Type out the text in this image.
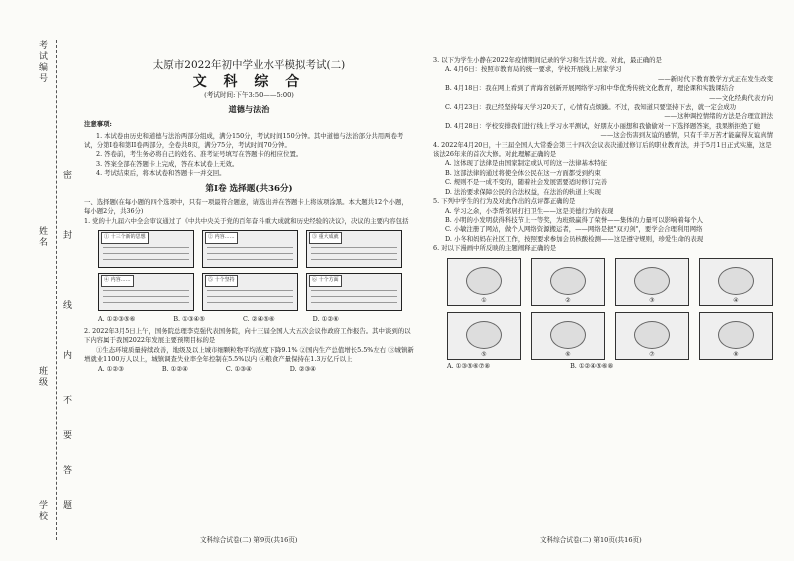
考试编号
姓名
班级
学校
密
封
线
内
不
要
答
题

太原市2022年初中学业水平模拟考试(二)

文 科 综 合

(考试时间:下午3:50——5:00)

道德与法治

注意事项:

1. 本试卷由历史和道德与法治两部分组成，满分150分，考试时间150分钟。其中道德与法治部分共用两卷考试，分第I卷和第II卷两部分，全卷共8页，满分75分，考试时间70分钟。

2. 答卷前，考生务必将自己的姓名、准考证号填写在答题卡的相应位置。

3. 答案全部在答题卡上完成，答在本试卷上无效。

4. 考试结束后，将本试卷和答题卡一并交回。

第Ⅰ卷 选择题(共36分)

一、选择题(在每小题的四个选项中，只有一项最符合题意，请选出并在答题卡上将该项涂黑。本大题共12个小题，每小题2分，共36分)

1. 党的十九届六中全会审议通过了《中共中央关于党的百年奋斗重大成就和历史经验的决议》，决议的主要内容包括

① 十三个新的思想	② 内容……	③ 重大成就
④ 内容……	⑤ 十个坚持	⑥ 十个方面
A. ①②③⑤⑥	B. ①③④⑤	C. ②④⑤⑥	D. ①②⑥

2. 2022年3月5日上午，国务院总理李克强代表国务院，向十三届全国人大五次会议作政府工作报告。其中谈到的以下内容属于我国2022年发展主要预期目标的是

①生态环境质量持续改善，地级及以上城市细颗粒物平均浓度下降9.1% ②国内生产总值增长5.5%左右 ③城镇新增就业1100万人以上，城镇调查失业率全年控制在5.5%以内 ④粮食产量保持在1.3万亿斤以上

A. ①②③	B. ①②④	C. ①③④	D. ②③④
文科综合试卷(二) 第9页(共16页)

3. 以下为学生小静在2022年疫情期间记录的学习和生活片段。对此，最正确的是

A. 4月6日：按照市教育局的统一要求，学校开展线上居家学习

——新时代下教育教学方式正在发生改变

B. 4月18日：我在网上看到了青海省创新开展网络学习和中华优秀传统文化教育，理论课和实践课结合

——文化经典代表方向

C. 4月23日：我已经坚持每天学习20天了，心情有点烦躁。不过，我知道只要坚持下去，就一定会成功

——这种调控情绪的方法是合理宣泄法

D. 4月28日：学校安排我们进行线上学习水平测试，好朋友小丽想和我偷偷对一下选择题答案，我果断拒绝了她

——这会伤害到友谊的感情，只有千辛万苦才能赢得友谊真情

4. 2022年4月20日，十三届全国人大常委会第三十四次会议表决通过修订后的职业教育法，并于5月1日正式实施，这是该法26年来的首次大修。对此理解正确的是

A. 这体现了法律是由国家制定或认可的这一法律基本特征

B. 这部法律的通过将使全体公民在这一方面都受到约束

C. 规则不是一成不变的，随着社会发展需要适时修订完善

D. 法治要求保障公民的合法权益，在法治的轨道上实现

5. 下列中学生的行为及对此作出的点评都正确的是

A. 学习之余，小李帮邻居打扫卫生——这是美德行为的表现

B. 小明的小发明获得科技节上一等奖，为班级赢得了荣誉——集体的力量可以影响着每个人

C. 小敏注册了网站，做个人网络资源搬运者，——网络是把"双刃剑"，要学会合理利用网络

D. 小冬和妈妈在社区工作，按照要求参加会员核酸检测——这是遵守规则，珍爱生命的表现

6. 对以下漫画中所反映的主题阐释正确的是

①	②	③	④
⑤	⑥	⑦	⑧
A. ①③⑤⑥⑦⑧	B. ①②④⑤⑥⑧
文科综合试卷(二) 第10页(共16页)
